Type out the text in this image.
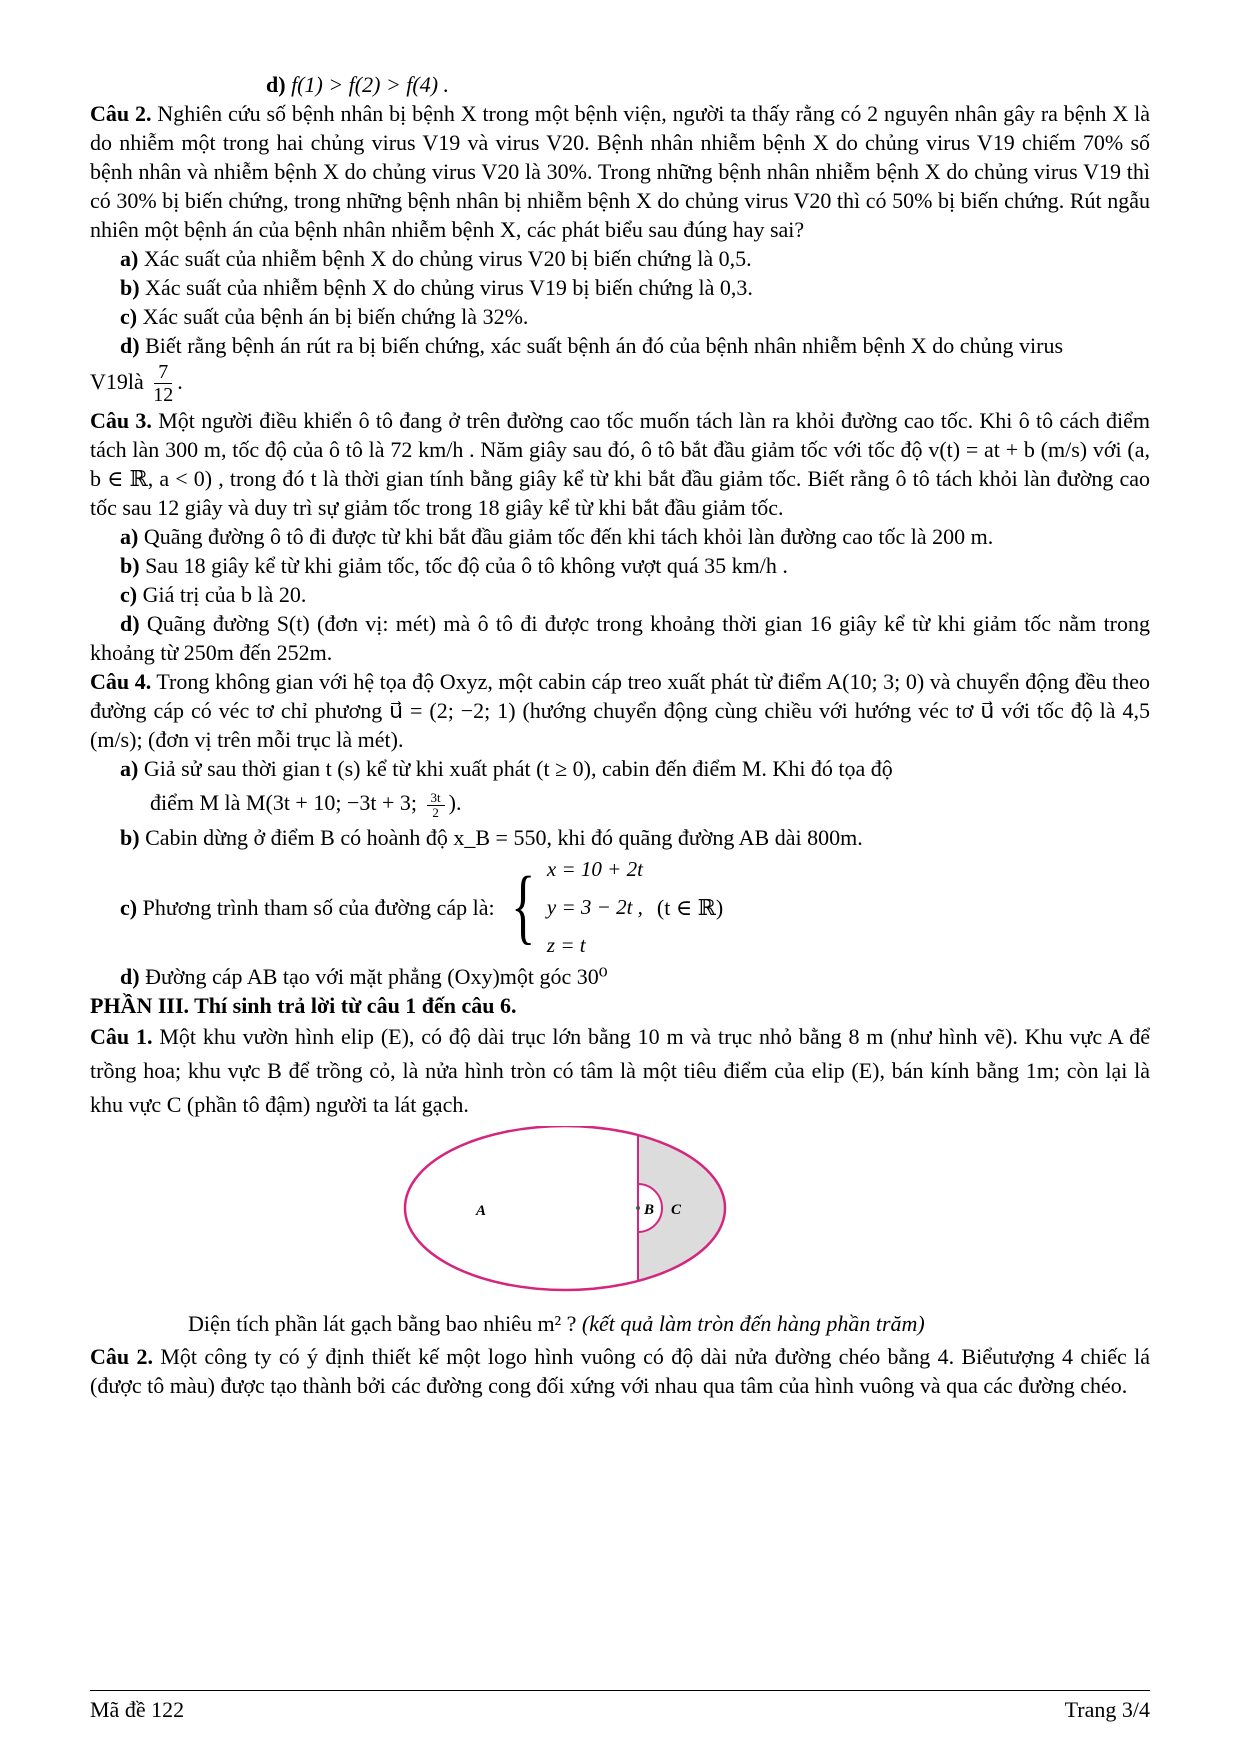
d) f(1) > f(2) > f(4) .

Câu 2. Nghiên cứu số bệnh nhân bị bệnh X trong một bệnh viện, người ta thấy rằng có 2 nguyên nhân gây ra bệnh X là do nhiễm một trong hai chủng virus V19 và virus V20. Bệnh nhân nhiễm bệnh X do chủng virus V19 chiếm 70% số bệnh nhân và nhiễm bệnh X do chủng virus V20 là 30%. Trong những bệnh nhân nhiễm bệnh X do chủng virus V19 thì có 30% bị biến chứng, trong những bệnh nhân bị nhiễm bệnh X do chủng virus V20 thì có 50% bị biến chứng. Rút ngẫu nhiên một bệnh án của bệnh nhân nhiễm bệnh X, các phát biểu sau đúng hay sai?

a) Xác suất của nhiễm bệnh X do chủng virus V20 bị biến chứng là 0,5.

b) Xác suất của nhiễm bệnh X do chủng virus V19 bị biến chứng là 0,3.

c) Xác suất của bệnh án bị biến chứng là 32%.

d) Biết rằng bệnh án rút ra bị biến chứng, xác suất bệnh án đó của bệnh nhân nhiễm bệnh X do chủng virus

V19là $\frac{7}{12}$ .

Câu 3. Một người điều khiển ô tô đang ở trên đường cao tốc muốn tách làn ra khỏi đường cao tốc. Khi ô tô cách điểm tách làn 300 m, tốc độ của ô tô là 72 km/h . Năm giây sau đó, ô tô bắt đầu giảm tốc với tốc độ v(t) = at + b (m/s) với (a, b ∈ ℝ, a < 0) , trong đó t là thời gian tính bằng giây kể từ khi bắt đầu giảm tốc. Biết rằng ô tô tách khỏi làn đường cao tốc sau 12 giây và duy trì sự giảm tốc trong 18 giây kể từ khi bắt đầu giảm tốc.

a) Quãng đường ô tô đi được từ khi bắt đầu giảm tốc đến khi tách khỏi làn đường cao tốc là 200 m.

b) Sau 18 giây kể từ khi giảm tốc, tốc độ của ô tô không vượt quá 35 km/h .

c) Giá trị của b là 20.

d) Quãng đường S(t) (đơn vị: mét) mà ô tô đi được trong khoảng thời gian 16 giây kể từ khi giảm tốc nằm trong khoảng từ 250m đến 252m.

Câu 4. Trong không gian với hệ tọa độ Oxyz, một cabin cáp treo xuất phát từ điểm A(10; 3; 0) và chuyển động đều theo đường cáp có véc tơ chỉ phương u⃗ = (2; −2; 1) (hướng chuyển động cùng chiều với hướng véc tơ u⃗ với tốc độ là 4,5 (m/s); (đơn vị trên mỗi trục là mét).

a) Giả sử sau thời gian t (s) kể từ khi xuất phát (t ≥ 0), cabin đến điểm M. Khi đó tọa độ

điểm M là M(3t + 10; −3t + 3; $\frac{3t}{2}$ ).

b) Cabin dừng ở điểm B có hoành độ x_B = 550, khi đó quãng đường AB dài 800m.

c)
Phương trình tham số của đường cáp là: { x = 10 + 2t
y = 3 − 2t ,
z = t
(t ∈ ℝ)

d) Đường cáp AB tạo với mặt phẳng (Oxy)một góc 30⁰

PHẦN III. Thí sinh trả lời từ câu 1 đến câu 6.

Câu 1. Một khu vườn hình elip (E), có độ dài trục lớn bằng 10 m và trục nhỏ bằng 8 m (như hình vẽ). Khu vực A để trồng hoa; khu vực B để trồng cỏ, là nửa hình tròn có tâm là một tiêu điểm của elip (E), bán kính bằng 1m; còn lại là khu vực C (phần tô đậm) người ta lát gạch.

A	B C

Diện tích phần lát gạch bằng bao nhiêu m² ? (kết quả làm tròn đến hàng phần trăm)

Câu 2. Một công ty có ý định thiết kế một logo hình vuông có độ dài nửa đường chéo bằng 4. Biểutượng 4 chiếc lá (được tô màu) được tạo thành bởi các đường cong đối xứng với nhau qua tâm của hình vuông và qua các đường chéo.

Mã đề 122	Trang 3/4
